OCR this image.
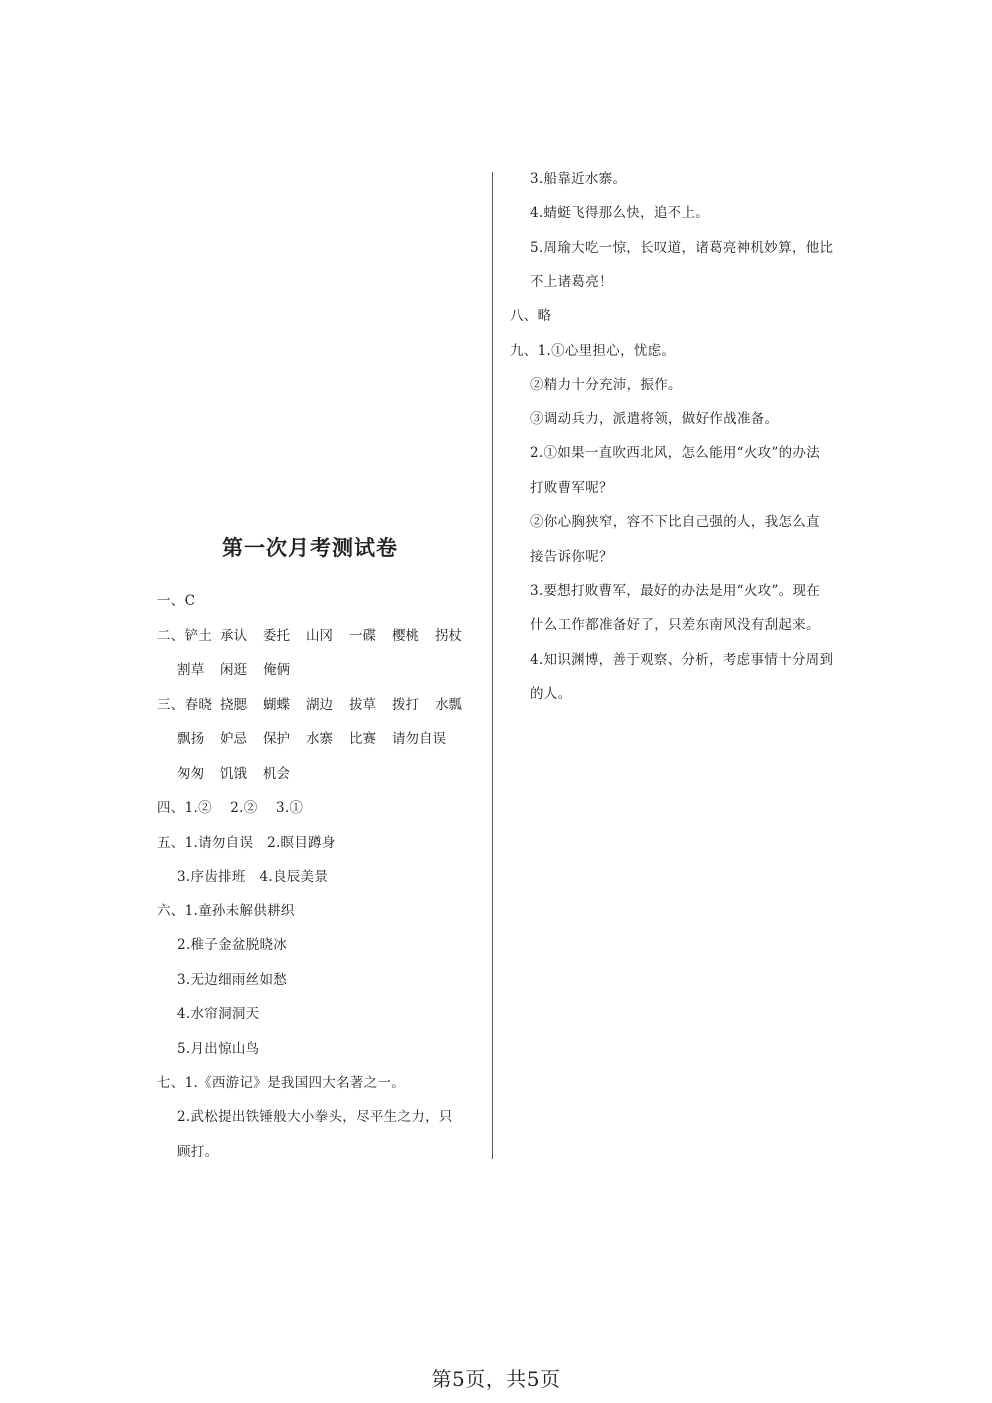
第一次月考测试卷
一、C
二、铲土 承认	委托	山冈	一碟	樱桃	拐杖
割草 闲逛	俺俩
三、春晓 挠腮	蝴蝶	湖边	拔草	拨打	水瓢
飘扬 妒忌	保护	水寨	比赛	请勿自误
匆匆 饥饿	机会
四、1.②　 2.②　 3.①
五、1.请勿自误　2.瞑目蹲身
3.序齿排班　4.良辰美景
六、1.童孙未解供耕织
2.稚子金盆脱晓冰
3.无边细雨丝如愁
4.水帘洞洞天
5.月出惊山鸟
七、1.《西游记》是我国四大名著之一。
2.武松提出铁锤般大小拳头，尽平生之力，只
顾打。
3.船靠近水寨。
4.蜻蜓飞得那么快，追不上。
5.周瑜大吃一惊，长叹道，诸葛亮神机妙算，他比
不上诸葛亮！
八、略
九、1.①心里担心，忧虑。
②精力十分充沛，振作。
③调动兵力，派遣将领，做好作战准备。
2.①如果一直吹西北风，怎么能用“火攻”的办法
打败曹军呢？
②你心胸狭窄，容不下比自己强的人，我怎么直
接告诉你呢？
3.要想打败曹军，最好的办法是用“火攻”。现在
什么工作都准备好了，只差东南风没有刮起来。
4.知识渊博，善于观察、分析，考虑事情十分周到
的人。
第5页，共5页
